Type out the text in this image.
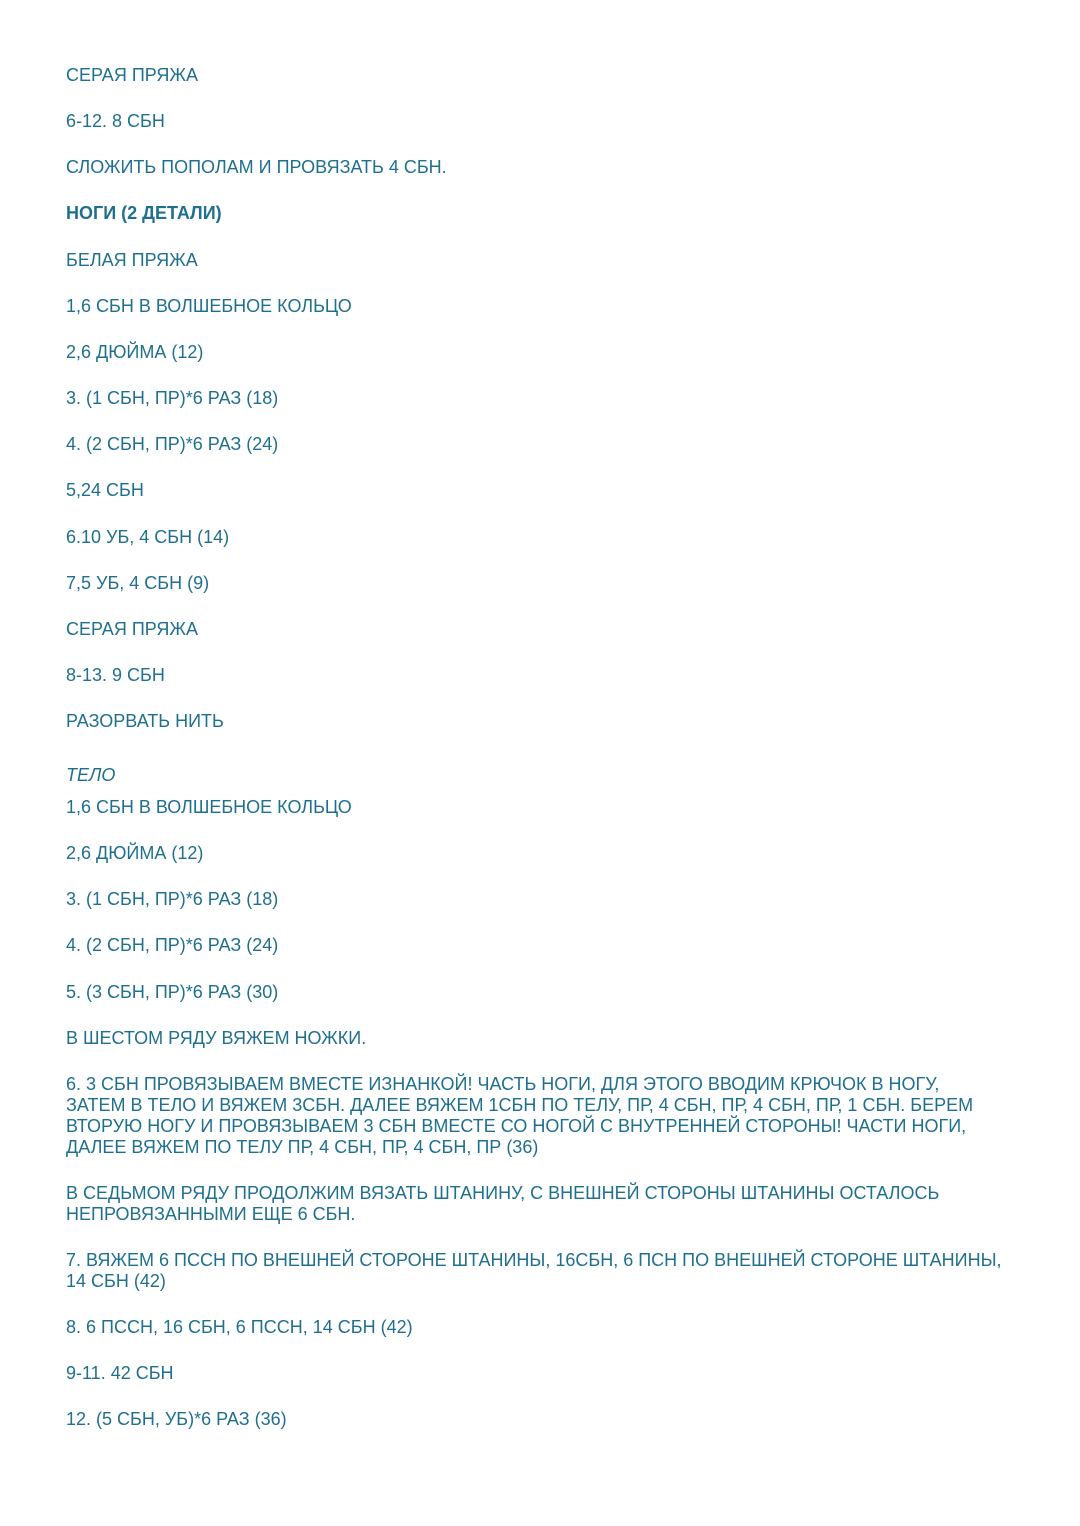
СЕРАЯ ПРЯЖА

6-12. 8 СБН

СЛОЖИТЬ ПОПОЛАМ И ПРОВЯЗАТЬ 4 СБН.

НОГИ (2 ДЕТАЛИ)

БЕЛАЯ ПРЯЖА

1,6 СБН В ВОЛШЕБНОЕ КОЛЬЦО

2,6 ДЮЙМА (12)

3. (1 СБН, ПР)*6 РАЗ (18)

4. (2 СБН, ПР)*6 РАЗ (24)

5,24 СБН

6.10 УБ, 4 СБН (14)

7,5 УБ, 4 СБН (9)

СЕРАЯ ПРЯЖА

8-13. 9 СБН

РАЗОРВАТЬ НИТЬ

ТЕЛО

1,6 СБН В ВОЛШЕБНОЕ КОЛЬЦО

2,6 ДЮЙМА (12)

3. (1 СБН, ПР)*6 РАЗ (18)

4. (2 СБН, ПР)*6 РАЗ (24)

5. (3 СБН, ПР)*6 РАЗ (30)

В ШЕСТОМ РЯДУ ВЯЖЕМ НОЖКИ.

6. 3 СБН ПРОВЯЗЫВАЕМ ВМЕСТЕ ИЗНАНКОЙ! ЧАСТЬ НОГИ, ДЛЯ ЭТОГО ВВОДИМ КРЮЧОК В НОГУ,
ЗАТЕМ В ТЕЛО И ВЯЖЕМ 3СБН. ДАЛЕЕ ВЯЖЕМ 1СБН ПО ТЕЛУ, ПР, 4 СБН, ПР, 4 СБН, ПР, 1 СБН. БЕРЕМ
ВТОРУЮ НОГУ И ПРОВЯЗЫВАЕМ 3 СБН ВМЕСТЕ СО НОГОЙ С ВНУТРЕННЕЙ СТОРОНЫ! ЧАСТИ НОГИ,
ДАЛЕЕ ВЯЖЕМ ПО ТЕЛУ ПР, 4 СБН, ПР, 4 СБН, ПР (36)

В СЕДЬМОМ РЯДУ ПРОДОЛЖИМ ВЯЗАТЬ ШТАНИНУ, С ВНЕШНЕЙ СТОРОНЫ ШТАНИНЫ ОСТАЛОСЬ
НЕПРОВЯЗАННЫМИ ЕЩЕ 6 СБН.

7. ВЯЖЕМ 6 ПССН ПО ВНЕШНЕЙ СТОРОНЕ ШТАНИНЫ, 16СБН, 6 ПСН ПО ВНЕШНЕЙ СТОРОНЕ ШТАНИНЫ,
14 СБН (42)

8. 6 ПССН, 16 СБН, 6 ПССН, 14 СБН (42)

9-11. 42 СБН

12. (5 СБН, УБ)*6 РАЗ (36)
